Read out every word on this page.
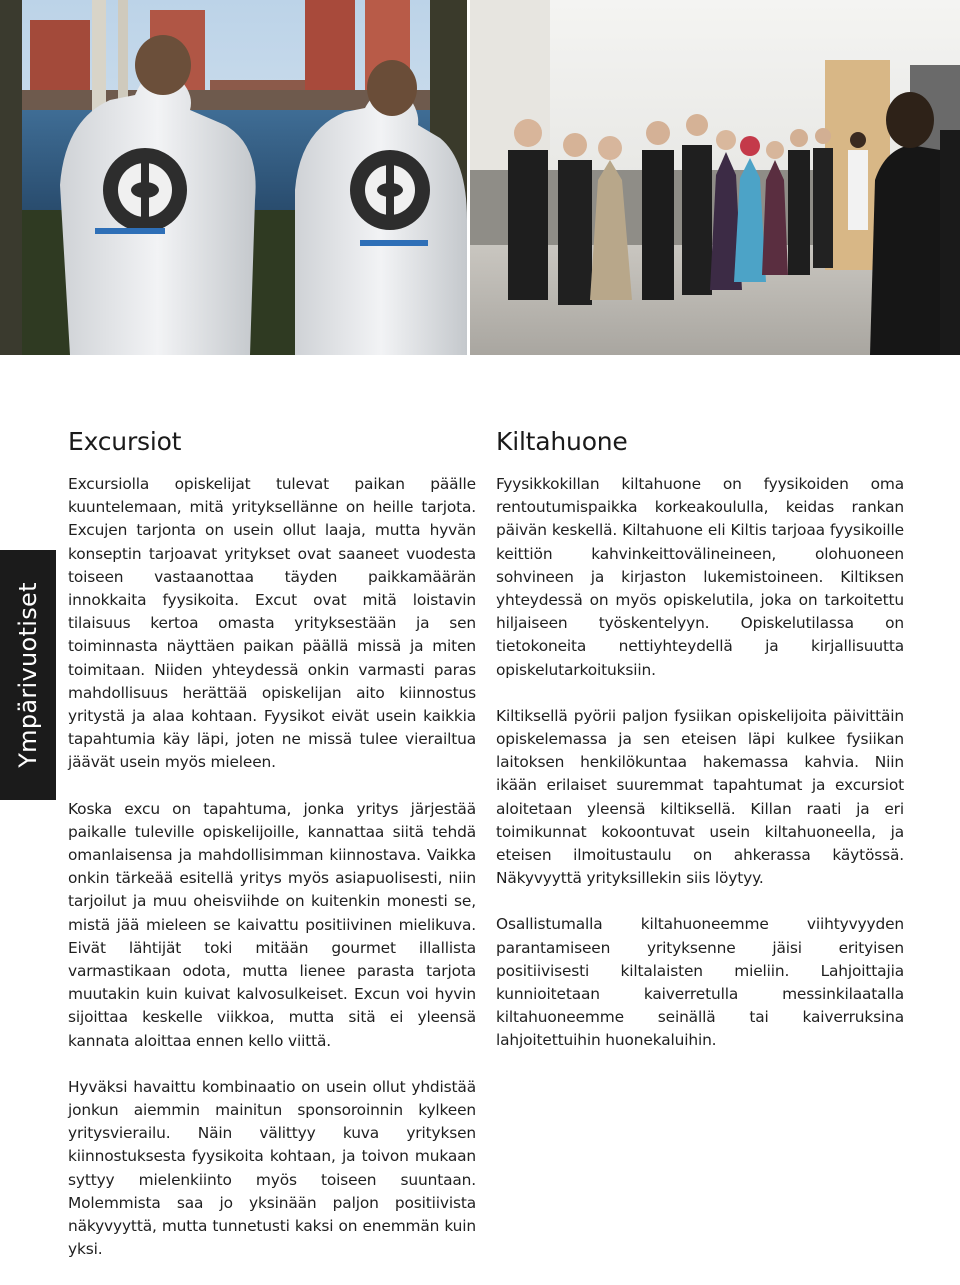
Ympärivuotiset
Excursiot

Excursiolla opiskelijat tulevat paikan päälle kuuntelemaan, mitä yrityksellänne on heille tarjota. Excujen tarjonta on usein ollut laaja, mutta hyvän konseptin tarjoavat yritykset ovat saaneet vuodesta toiseen vastaanottaa täyden paikkamäärän innokkaita fyysikoita. Excut ovat mitä loistavin tilaisuus kertoa omasta yrityksestään ja sen toiminnasta näyttäen paikan päällä missä ja miten toimitaan. Niiden yhteydessä onkin varmasti paras mahdollisuus herättää opiskelijan aito kiinnostus yritystä ja alaa kohtaan. Fyysikot eivät usein kaikkia tapahtumia käy läpi, joten ne missä tulee vierailtua jäävät usein myös mieleen.

Koska excu on tapahtuma, jonka yritys järjestää paikalle tuleville opiskelijoille, kannattaa siitä tehdä omanlaisensa ja mahdollisimman kiinnostava. Vaikka onkin tärkeää esitellä yritys myös asiapuolisesti, niin tarjoilut ja muu oheisviihde on kuitenkin monesti se, mistä jää mieleen se kaivattu positiivinen mielikuva. Eivät lähtijät toki mitään gourmet illallista varmastikaan odota, mutta lienee parasta tarjota muutakin kuin kuivat kalvosulkeiset. Excun voi hyvin sijoittaa keskelle viikkoa, mutta sitä ei yleensä kannata aloittaa ennen kello viittä.

Hyväksi havaittu kombinaatio on usein ollut yhdistää jonkun aiemmin mainitun sponsoroinnin kylkeen yritysvierailu. Näin välittyy kuva yrityksen kiinnostuksesta fyysikoita kohtaan, ja toivon mukaan syttyy mielenkiinto myös toiseen suuntaan. Molemmista saa jo yksinään paljon positiivista näkyvyyttä, mutta tunnetusti kaksi on enemmän kuin yksi.

Kiltahuone

Fyysikkokillan kiltahuone on fyysikoiden oma rentoutumispaikka korkeakoululla, keidas rankan päivän keskellä. Kiltahuone eli Kiltis tarjoaa fyysikoille keittiön kahvinkeittovälineineen, olohuoneen sohvineen ja kirjaston lukemistoineen. Kiltiksen yhteydessä on myös opiskelutila, joka on tarkoitettu hiljaiseen työskentelyyn. Opiskelutilassa on tietokoneita nettiyhteydellä ja kirjallisuutta opiskelutarkoituksiin.

Kiltiksellä pyörii paljon fysiikan opiskelijoita päivittäin opiskelemassa ja sen eteisen läpi kulkee fysiikan laitoksen henkilökuntaa hakemassa kahvia. Niin ikään erilaiset suuremmat tapahtumat ja excursiot aloitetaan yleensä kiltiksellä. Killan raati ja eri toimikunnat kokoontuvat usein kiltahuoneella, ja eteisen ilmoitustaulu on ahkerassa käytössä. Näkyvyyttä yrityksillekin siis löytyy.

Osallistumalla kiltahuoneemme viihtyvyyden parantamiseen yrityksenne jäisi erityisen positiivisesti kiltalaisten mieliin. Lahjoittajia kunnioitetaan kaiverretulla messinkilaatalla kiltahuoneemme seinällä tai kaiverruksina lahjoitettuihin huonekaluihin.
